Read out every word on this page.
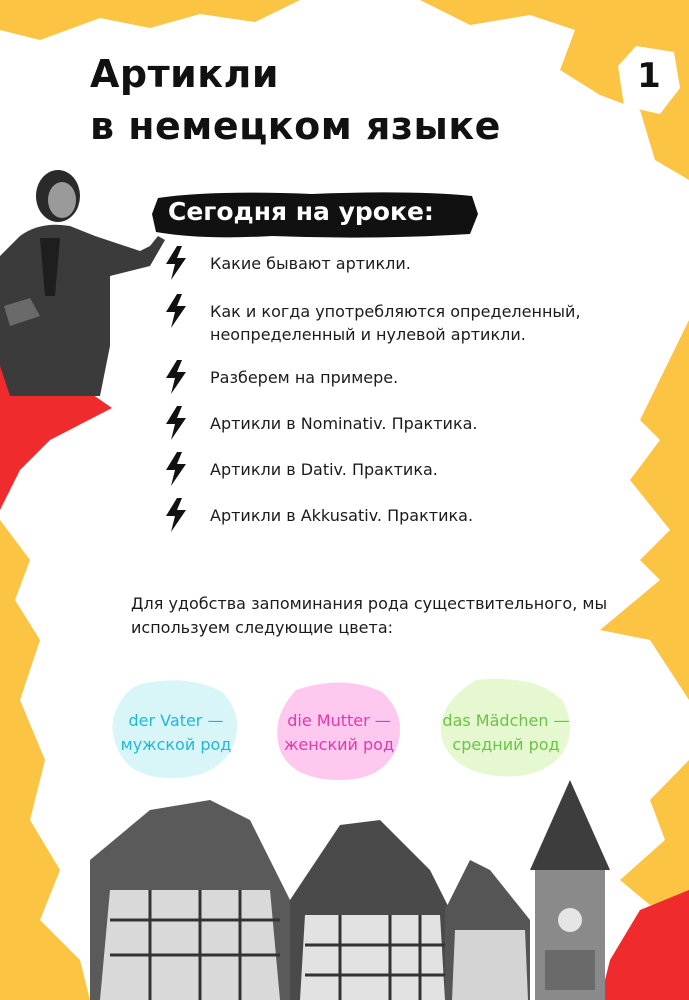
Артикли
в немецком языке
1
Сегодня на уроке:
Какие бывают артикли.
Как и когда употребляются определенный, неопределенный и нулевой артикли.
Разберем на примере.
Артикли в Nominativ. Практика.
Артикли в Dativ. Практика.
Артикли в Akkusativ. Практика.
Для удобства запоминания рода существительного, мы используем следующие цвета:
der Vater —
мужской род
die Mutter —
женский род
das Mädchen —
средний род
